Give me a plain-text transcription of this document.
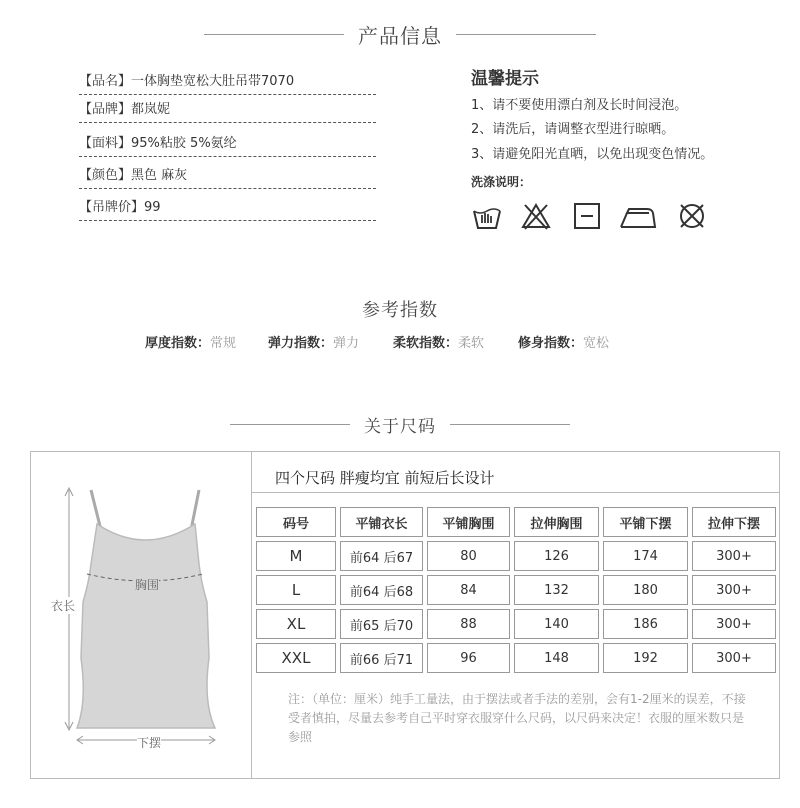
产品信息
【品名】一体胸垫宽松大肚吊带7070
【品牌】都岚妮
【面料】95%粘胶 5%氨纶
【颜色】黑色 麻灰
【吊牌价】99
温馨提示
1、请不要使用漂白剂及长时间浸泡。
2、请洗后，请调整衣型进行晾晒。
3、请避免阳光直晒，以免出现变色情况。
洗涤说明：
参考指数
厚度指数：常规 弹力指数：弹力	柔软指数：柔软	修身指数：宽松
关于尺码
胸围
衣长
下摆
四个尺码 胖瘦均宜 前短后长设计
码号	平铺衣长	平铺胸围	拉伸胸围	平铺下摆	拉伸下摆
M	前64 后67	80	126	174	300+
L	前64 后68	84	132	180	300+
XL	前65 后70	88	140	186	300+
XXL	前66 后71	96	148	192	300+
注：（单位：厘米）纯手工量法，由于摆法或者手法的差别，会有1-2厘米的误差，不接受者慎拍，尽量去参考自己平时穿衣服穿什么尺码，以尺码来决定！衣服的厘米数只是参照
